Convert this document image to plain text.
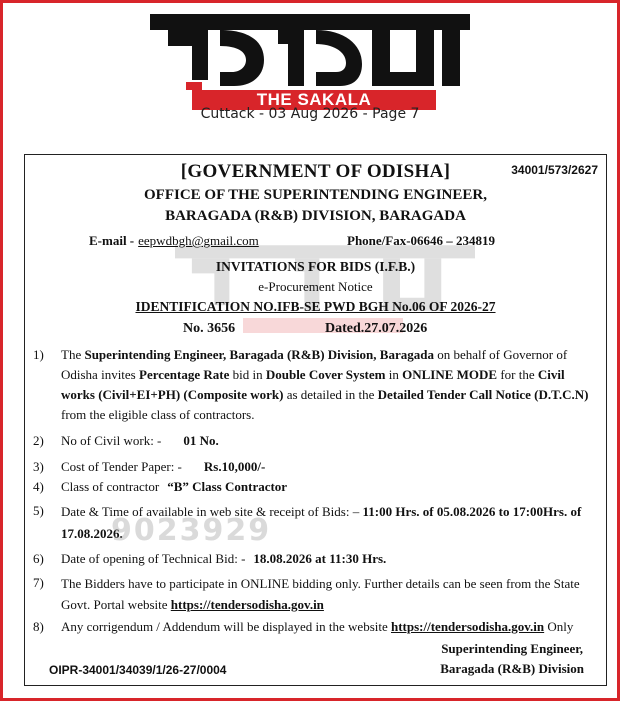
THE SAKALA
Cuttack - 03 Aug 2026 - Page 7
34001/573/2627
[GOVERNMENT OF ODISHA]
OFFICE OF THE SUPERINTENDING ENGINEER,
BARAGADA (R&B) DIVISION, BARAGADA
E-mail - eepwdbgh@gmail.com	Phone/Fax-06646 – 234819
INVITATIONS FOR BIDS (I.F.B.)
e-Procurement Notice
IDENTIFICATION NO.IFB-SE PWD BGH No.06 OF 2026-27
No. 3656	Dated.27.07.2026
1)	The Superintending Engineer, Baragada (R&B) Division, Baragada on behalf of Governor of Odisha invites Percentage Rate bid in Double Cover System in ONLINE MODE for the Civil works (Civil+EI+PH) (Composite work) as detailed in the Detailed Tender Call Notice (D.T.C.N) from the eligible class of contractors.
2)	No of Civil work: - 01 No.
3)	Cost of Tender Paper: - Rs.10,000/-
4)	Class of contractor “B” Class Contractor
5)	Date & Time of available in web site & receipt of Bids: – 11:00 Hrs. of 05.08.2026 to 17:00Hrs. of 17.08.2026.
9023929
6)	Date of opening of Technical Bid: - 18.08.2026 at 11:30 Hrs.
7)	The Bidders have to participate in ONLINE bidding only. Further details can be seen from the State Govt. Portal website https://tendersodisha.gov.in
8)	Any corrigendum / Addendum will be displayed in the website https://tendersodisha.gov.in Only
OIPR-34001/34039/1/26-27/0004
Superintending Engineer,
Baragada (R&B) Division
